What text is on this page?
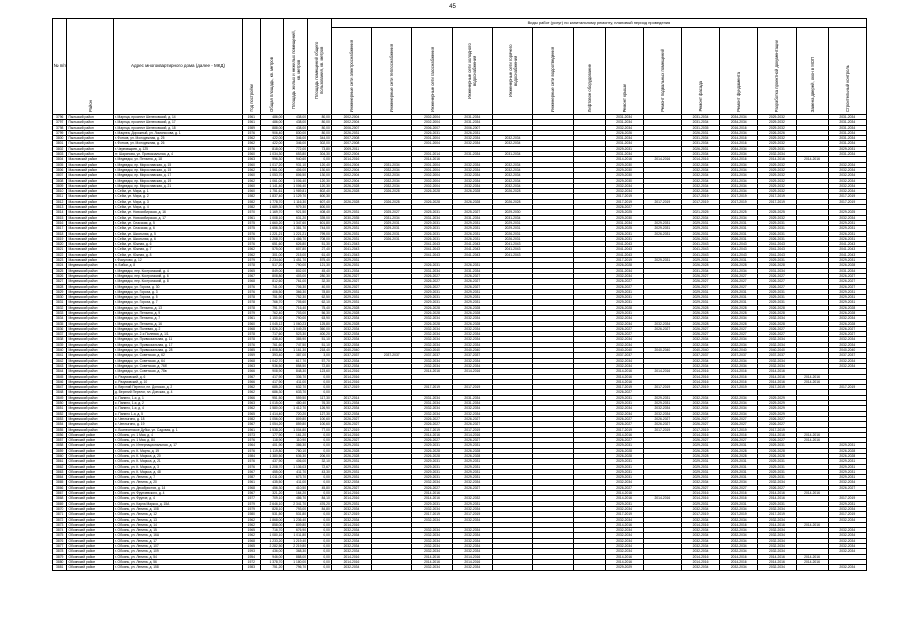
45
№ п/п	Район	Адрес многоквартирного дома (далее - МКД)	Год постройки	Общая площадь, кв. метров	Площадь жилых и нежилых помещений, кв. метров	Площадь помещений общего пользования, кв. метров	Виды работ (услуг) по капитальному ремонту, плановый период проведения													

							Инженерные сети электроснабжения	Инженерные сети теплоснабжения	Инженерные сети газоснабжения	Инженерные сети холодного водоснабжения	Инженерные сети горячего водоснабжения	Инженерные сети водоотведения	Лифтовое оборудование	Ремонт крыши	Ремонт подвальных помещений	Ремонт фасада	Ремонт фундамента	Разработка проектной документации	Замена дверей, окон в МОП	Строительный контроль

3796	Пыльский район	г. Марнца, проспект Шелеховский, д. 14	1961	486,00	438,00	80,00	2002-2004		2002-2004	2031-2034				2031-2034		2031-2034	2034-2034	2029-2032		2031-2034
3797	Пыльский район	г. Марнца, проспект Шелеховский, д. 17	1961	486,00	438,00	80,00	2002-2004		2002-2004	2031-2034				2031-2034		2031-2034	2034-2034	2029-2032		2031-2034
3798	Пыльский район	г. Марнца, проспект Шелеховский, д. 18	1989	888,00	438,00	80,00	2006-2007		2006-2007	2006-2007				2032-2034		2031-2035	2016-2016	2029-2032		2031-2034
3799	Пыльский район	г. Мацнеа, Дорожный, ул. Ломоносова, д. 1	1976	906,40	830,00	80,00	2026-2031		2026-2031	2026-2031				2026-2026		2026-2031	2034-2034	2026-2026		2031-2034
3800	Пыльский район	г. Фотков, ул. Молодежная, д. 25	1962	422,00	346,00	344,00	2007-2008		2001-2004	2032-2034	2032-2034			2031-2034		2031-2034	2014-2016	2029-2032		2031-2034
3801	Пыльский район	г. Фотков, ул. Молодежная, д. 26	1962	422,00	346,00	302,00	2007-2008		2001-2004	2032-2034	2032-2034			2031-2034		2031-2034	2014-2016	2029-2032		2031-2034
3802	Пыльский район	г. Чернявщиев, д. 125	1976	818,00	772,00	73,80	2009-2011							2029-2031		2026-2031	2034-2034	2029-2031		2029-2031
3803	Пыльский район	гт. Шаринова, ул. Привокзальная, д. 4	1960	1 034,30	653,80	304,30	2002-2004		2001-2014	2031-2034	2031-2034			2031-2034		2031-2034	2031-2034	2032-2034		2031-2034
3804	Масловский район	г. Медведск, ул. Пензина, д. 18	1963	996,30	940,60	0,00	2014-2016		2014-2016					2014-2016	2014-2016	2014-2016	2014-2016	2014-2016	2014-2016	
3805	Масловский район	г. Медведск, пр. Мирославская, д. 15	1960	1 017,20	931,10	120,40	2004-2004	2031-2034	2001-2004	2032-2034	2032-2034			2029-2030		2032-2034	2031-2034	2029-2032		2032-2034
3806	Масловский район	г. Медведск, пр. Мирославская, д. 15	1962	1 561,00	406,00	130,60	2002-2004	2032-2034	2001-2004	2032-2034	2032-2034			2029-2030		2032-2034	2031-2034	2029-2032		2032-2034
3807	Масловский район	г. Медведск, пр. Мирославская, д. 17	1960	1 053,70	806,50	130,00	2002-2004	2032-2034	2002-2004	2032-2034	2032-2034			2029-2030		2032-2034	2031-2034	2029-2032		2032-2034
3808	Масловский район	г. Медведск, пр. Мирославская, д. 19	1962	1 061,00	1 006,40	120,30	2002-2004	2032-2034	2002-2004	2032-2034	2032-2034			2029-2030		2032-2034	2031-2034	2029-2032		2032-2034
3809	Масловский район	г. Медведск, пр. Мирославская, д. 21	1960	1 141,40	1 006,40	120,30	2026-2028	2032-2034	2002-2004	2032-2034	2032-2034			2032-2034		2032-2034	2031-2034	2029-2032		2032-2034
3810	Масловский район	г. Сейм, ул. Мира, д. 1	1960	1 751,61	1 989,81	802,40	2026-2028	2026-2028	2026-2028	2026-2028	2026-2028			2032-2034		2032-2034	2031-2034	2029-2032		2032-2034
3811	Масловский район	г. Сейм, ул. Мира, д. 2	1982	1 837,40	1 129,70	600,30								2017-2019		2017-2019	2017-2019	2017-2019		2017-2019
3812	Масловский район	г. Сейм, ул. Мира, д. 3	1982	1 778,70	1 116,30	607,40	2026-2028	2026-2028	2026-2028	2026-2028	2026-2028			2017-2019	2017-2019	2017-2019	2017-2019	2017-2019		2017-2019
3813	Масловский район	г. Сейм, ул. Мира, д. 4	1982	1 689,30	979,30	600,00								2026-2027						
3814	Масловский район	г. Сейм, ул. Новосибирская, д. 16	1970	1 169,70	921,50	408,40	2029-2031	2025-2027	2025-2031	2025-2027	2029-2030			2025-2025		2021-2025	2021-2025	2025-2025		2029-2025
3815	Масловский район	г. Сейм, ул. Новосибирская, д. 17	1961	1 008,10	631,20	339,00	2030-2035	2031-2034	2031-2034	2031-2034	2031-2034			2029-2030		2032-2034	2031-2034	2029-2032		2032-2034
3816	Масловский район	г. Сейм, ул. Спасская, д. 5	1975	1 660,20	1 347,60	601,80	2029-2031	2029-2031	2029-2031	2029-2031	2029-2031			2031-2034	2029-2031	2029-2031	2029-2031	2029-2031		2029-2031
3817	Масловский район	г. Сейм, ул. Спасская, д. 6	1975	1 656,30	1 381,70	744,00	2029-2031	2029-2031	2029-2031	2029-2031	2029-2031			2025-2025	2029-2031	2029-2031	2029-2031	2029-2031		2029-2031
3818	Масловский район	г. Сейм, ул. Школьная, д. 5	1976	1 221,21	1 221,21	799,00	2026-2031	2026-2031	2026-2031	2026-2031	2026-2031			2026-2031	2026-2031	2026-2031	2026-2031	2026-2031		2026-2031
3819	Масловский район	г. Сейм, ул. Школьная, д. 6	1976	1 208,70	1 486,70	708,00	2026-2031	2026-2031	2026-2031	2026-2031	2026-2031			2026-2031		2026-2031	2026-2031	2026-2031		2026-2031
3820	Масловский район	г. Сейм, ул. Южная, д. 6	1976	651,60	626,80	51,30	2041-2043		2041-2043	2041-2043	2041-2043			2041-2043		2041-2043	2041-2043	2041-2043		2041-2043
3821	Масловский район	г. Сейм, ул. Южная, д. 7	1962	575,00	607,80	27,40	2041-2043		2041-2043	2041-2043	2041-2043			2041-2043		2041-2043	2041-2043	2041-2043		2041-2043
3822	Масловский район	г. Сейм, ул. Южная, д. 8	1962	301,00	215,00	61,40	2041-2043		2041-2043	2041-2043	2041-2043			2041-2043		2041-2043	2041-2043	2041-2043		2041-2043
3823	Масловский район	г. Фасулово, д. 12	1979	2 234,60	1 451,70	575,40	2029-2031							2017-2019	2029-2031	2029-2031	2029-2031	2029-2031		2029-2031
3824	Медвежский район	п. Бибки, д. 8	1978	517,20	790,00	121,30	2026-2031		2026-2031	2026-2031				2026-2028		2026-2028	2026-2028	2026-2028		2026-2028
3825	Медвежский район	г. Медведск, пер. Костромский, д. 4	1965	849,00	802,00	45,40	2031-2034		2031-2034	2031-2034				2031-2034		2031-2034	2031-2034	2031-2034		2031-2034
3826	Медвежский район	г. Медведск, пер. Костромский, д. 6	1967	808,80	403,00	280,30	2026-2027		2026-2027	2026-2027				2032-2034		2026-2027	2026-2027	2026-2027		2026-2027
3827	Медвежский район	г. Медведск, пер. Костромский, д. 8	1968	812,60	761,00	32,30	2026-2027		2026-2027	2026-2027				2026-2027		2026-2027	2026-2027	2026-2027		2026-2027
3828	Медвежский район	г. Медведск, ул. Гороха, д. 30	1976	741,00	706,30	40,00	2026-2027		2026-2027	2026-2027				2026-2027		2026-2027	2026-2027	2026-2027		2026-2027
3829	Медвежский район	г. Медведск, ул. Гороха, д. 3	1976	406,50	366,30	78,80	2029-2031		2029-2031	2029-2031				2029-2031		2029-2031	2029-2031	2029-2031		2029-2031
3830	Медвежский район	г. Медведск, ул. Гороха, д. 5	1978	751,90	752,30	62,50	2029-2031		2029-2031	2029-2031				2029-2031		2029-2031	2029-2031	2029-2031		2029-2031
3831	Медвежский район	г. Медведск, ул. Гороха, д. 7	1978	766,70	705,60	62,10	2029-2031		2029-2031	2029-2031				2029-2031		2029-2031	2029-2031	2029-2031		2029-2031
3832	Медвежский район	г. Медведск, ул. Пензина, д. 13	1978	791,70	716,40	75,40	2026-2028		2026-2028	2026-2028				2026-2028		2026-2028	2026-2028	2026-2028		2026-2028
3833	Медвежский район	г. Медведск, ул. Пензина, д. 9	1979	762,40	703,00	56,30	2026-2028		2026-2028	2026-2028				2029-2031		2026-2028	2026-2028	2026-2028		2026-2028
3834	Медвежский район	г. Медведск, ул. Пензина, д. 7	1961	1 150,60	790,00	63,90	2032-2034		2032-2034	2032-2034				2032-2034		2032-2034	2032-2034	2032-2034		2032-2034
3835	Медвежский район	г. Медведск, ул. Пензина, д. 16	1960	1 045,12	1 060,23	125,80	2026-2028		2026-2028	2026-2028				2032-2034	2032-2034	2026-2028	2026-2028	2026-2028		2026-2028
3836	Медвежский район	г. Медведск, ул. Полевая, д. 2	1968	1 826,20	1 049,25	360,00	2032-2034		2032-2034	2032-2034				2026-2027	2026-2027	2026-2027	2026-2027	2026-2027		2026-2027
3837	Медвежский район	г. Медведск, ул. 2-я Полевая, д. 1/1	1978	717,60	523,30	400,20	2032-2034		2032-2034	2032-2034				2026-2027		2026-2027	2026-2027	2026-2027		2026-2027
3838	Медвежский район	г. Медведск, ул. Привокзальная, д. 11	1978	438,40	385,90	51,10	2032-2034		2032-2034	2032-2034				2032-2034		2032-2034	2032-2034	2032-2034		2032-2034
3839	Медвежский район	г. Медведск, ул. Привокзальная, д. 17	1976	761,60	747,50	51,10	2032-2034		2032-2034	2032-2034				2032-2034		2032-2034	2032-2034	2032-2034		2032-2034
3840	Медвежский район	г. Медведск, ул. Привокзальная, д. 28	1985	1 808,80	1 161,30	218,40	2040-2040		2040-2040	2040-2040				2040-2040	2040-2040	2040-2040	2040-2040	2040-2040		2040-2040
3841	Медвежский район	г. Медведск, ул. Советская, д. 62	1959	393,40	387,00	3,00	2037-2037	2037-2037	2037-2037	2037-2037				2037-2037		2037-2037	2037-2037	2037-2037		2037-2037
3842	Медвежский район	г. Медведск, ул. Советская, д. 64	1968	1 042,70	617,70	57,70	2032-2034		2032-2034	2032-2034				2032-2034		2032-2034	2032-2034	2032-2034		2032-2034
3843	Медвежский район	г. Медведск, ул. Советская, д. 76б	1963	936,50	858,50	72,80	2032-2034		2032-2034	2032-2034				2032-2034		2032-2034	2032-2034	2032-2034		2032-2034
3844	Медвежский район	г. Медведск, ул. Советская, д. 78в	1966	908,90	848,30	123,60	2014-2016		2014-2016	2014-2016				2014-2016	2014-2016	2014-2016	2014-2016	2014-2016		
3845	Медвежский район	с. Разумовский, д. 6	1967	417,90	336,70	0,00	2014-2016							2014-2016		2014-2016	2014-2016	2014-2016	2014-2016	
3846	Медвежский район	с. Разумовский, д. 10	1966	417,90	411,00	0,00	2014-2016							2014-2016		2014-2016	2014-2016	2014-2016	2014-2016	
3847	Медвежский район	с. Верхний Перелог, пл. Донская, д. 2	1962	685,20	632,70	0,00	2017-2019		2017-2019	2017-2019				2017-2019	2017-2019	2017-2019	2017-2019	2017-2019		2017-2019
3848	Медвежский район	д. Верхний Перелог, пл. Донская, д. 4	1962	686,30	633,70	0,00								2026-2027						
3849	Медвежский район	с. Панино, 1-я, д. 1	1966	951,50	559,50	117,30	2017-2014		2031-2034	2031-2034				2029-2031	2029-2031	2032-2034	2032-2034	2029-2029		
3850	Медвежский район	с. Панино, 1-я, д. 2	1963	1 015,00	480,40	76,30	2031-2034		2031-2034	2031-2034				2029-2031	2029-2031	2032-2034	2032-2034	2029-2029		
3851	Медвежский район	с. Панино, 1-я, д. 4	1962	1 580,00	1 412,70	126,90	2032-2034		2032-2034	2032-2034				2032-2034	2032-2034	2032-2034	2032-2034	2029-2029		
3852	Медвежский район	с. Панино 1-я, д. 5	1965	1 414,40	720,20	127,30	2032-2034		2032-2034	2032-2034				2032-2034	2032-2034	2032-2034	2032-2034	2029-2029		
3853	Медвежский район	с. Чеплыгино, д. 18	1982	1 056,00	809,80	100,60	2026-2027		2026-2027	2026-2027				2026-2027	2026-2027	2026-2027	2026-2027	2026-2027		
3854	Медвежский район	с. Чеплыгино, д. 19	1967	1 054,20	859,80	100,60	2026-2027		2026-2027	2026-2027				2026-2027	2026-2027	2026-2027	2026-2027	2026-2027		
3855	Медвежский район	с. Вознесенское Дубки, ул. Садовая, д. 1	1961	1 538,20	1 004,80	77,00	2017-2019		2017-2019	2017-2019				2017-2019	2017-2019	2017-2019	2017-2019	2017-2019		
3856	Обоянский район	г. Обоянь, ул. 1 Мая, д. 4	1973	177,90	161,20	0,00	2014-2016		2014-2016	2014-2016				2014-2016		2014-2016	2014-2016	2014-2016	2014-2016	
3857	Обоянский район	г. Обоянь, ул. 1 Мая, д. 84	1976	118,90	110,90	0,00	2026-2027		2026-2027	2026-2027				2026-2027		2026-2027	2026-2027	2026-2027	2014-2016	
3858	Обоянский район	г. Обоянь, ул. Интернациональная, д. 17	1964	401,90	386,30	0,00	2029-2031		2029-2031	2029-2031				2029-2031		2029-2031	2029-2031	2029-2031		2029-2031
3859	Обоянский район	г. Обоянь, ул. К. Марта, д. 19	1976	1 119,80	780,10	0,00	2026-2028		2026-2028	2026-2028				2026-2028		2026-2028	2026-2028	2026-2028		2026-2028
3860	Обоянский район	г. Обоянь, ул. К. Маркса, д. 20	1984	1 380,50	636,30	206,00	2026-2028		2026-2028	2026-2028				2026-2028		2026-2028	2026-2028	2026-2028		2026-2028
3861	Обоянский район	г. Обоянь, ул. К. Маркса, д. 21	1976	437,90	406,00	32,10	2029-2031		2029-2031	2029-2031				2029-2031		2029-2031	2029-2031	2029-2031		2029-2031
3862	Обоянский район	г. Обоянь, ул. К. Маркса, д. 3	1976	1 208,70	1 136,03	72,67	2029-2031		2029-2031	2029-2031				2029-2031		2029-2031	2029-2031	2029-2031		2029-2031
3863	Обоянский район	г. Обоянь, ул. К. Маркса, д. 48	1967	455,00	411,70	43,30	2029-2031		2029-2031	2029-2031				2029-2031		2029-2031	2029-2031	2029-2031		2029-2031
3864	Обоянский район	г. Обоянь, ул. Ленина, д. 7	1987	1 011,00	673,70	0,00	2029-2031		2029-2031	2029-2031				2029-2031		2029-2031	2029-2031	2029-2031		2029-2031
3865	Обоянский район	г. Обоянь, ул. Ленина, д. 20	1961	435,50	411,00	0,00	2032-2034		2032-2034	2032-2034				2032-2034		2032-2034	2032-2034	2032-2034		2032-2034
3866	Обоянский район	г. Обоянь, ул. Декабристов, д. 14	1968	456,30	410,50	45,80	2026-2027		2026-2027	2026-2027				2026-2027		2026-2027	2026-2027	2026-2027		2026-2027
3867	Обоянский район	г. Обоянь, ул. Фрунзевского, д. 4	1967	321,20	164,20	0,00	2014-2016		2014-2016					2014-2016		2014-2016	2014-2016	2014-2016	2014-2016	
3868	Обоянский район	г. Обоянь, ул. Фрунзе, д. 4	1977	709,10	486,70	84,10	2014-2016		2014-2016	2032-2032				2014-2016	2014-2016	2014-2016	2014-2016	2014-2016		2017-2019
3869	Обоянский район	г. Обоянь, ул. Карла Маркса, д. 15А	1979	2 646,10	2 341,70	476,20	2029-2031		2029-2031	2029-2031				2029-2031		2029-2031	2029-2031	2029-2031		2029-2031
3870	Обоянский район	г. Обоянь, ул. Ленина, д. 108	1979	828,10	793,00	84,80	2032-2034		2032-2034	2032-2034				2032-2034		2032-2034	2032-2034	2032-2034		2032-2034
3871	Обоянский район	г. Обоянь, ул. Ленина, д. 12	1980	531,50	531,80	0,00	2017-2019		2017-2019	2017-2019				2017-2019		2017-2019	2017-2019	2017-2019		2017-2019
3872	Обоянский район	г. Обоянь, ул. Ленина, д. 13	1962	1 868,00	1 236,40	0,00	2032-2034		2032-2034	2032-2034				2032-2034		2032-2034	2032-2034	2032-2034		2032-2034
3873	Обоянский район	г. Обоянь, ул. Ленина, д. 14	1962	858,00	809,80	0,00	2014-2016							2014-2016		2014-2016	2014-2016	2014-2016	2014-2016	
3874	Обоянский район	г. Обоянь, ул. Ленина, д. 15	1965	716,70	676,90	0,00	2032-2034		2032-2034	2032-2034				2032-2034		2032-2034	2032-2034	2032-2034		2032-2034
3875	Обоянский район	г. Обоянь, ул. Ленина, д. 16А	1962	1 080,10	1 011,80	0,00	2032-2034		2032-2034	2032-2034				2032-2034		2032-2034	2032-2034	2032-2034		2032-2034
3876	Обоянский район	г. Обоянь, ул. Ленина, д. 17	1968	1 233,20	1 219,40	0,00	2032-2034		2032-2034	2032-2034				2032-2034		2032-2034	2032-2034	2032-2034		2032-2034
3877	Обоянский район	г. Обоянь, ул. Ленина, д. 107	1965	2 282,50	2 219,80	0,00	2032-2034		2032-2034	2032-2034				2032-2034		2032-2034	2032-2034	2032-2034		2032-2034
3878	Обоянский район	г. Обоянь, ул. Ленина, д. 109	1993	436,00	368,30	0,00	2032-2034		2032-2034	2032-2034				2032-2034		2032-2034	2032-2034	2032-2034		2032-2034
3879	Обоянский район	г. Обоянь, ул. Ленина, д. 54	1954	946,00	888,00	0,00	2014-2016		2014-2016	2014-2016				2014-2016		2014-2016	2014-2016	2014-2016	2014-2016	
3880	Обоянский район	г. Обоянь, ул. Ленина, д. 56	1972	1 378,70	1 180,00	0,00	2014-2016		2014-2016	2014-2016				2014-2016		2014-2016	2014-2016	2014-2016	2014-2016	
3881	Обоянский район	г. Обоянь, ул. Ленина, д. 158	1983	751,20	796,70	0,00	2032-2034		2032-2034	2032-2034				2029-2029		2032-2034	2032-2034	2032-2034		2032-2034
